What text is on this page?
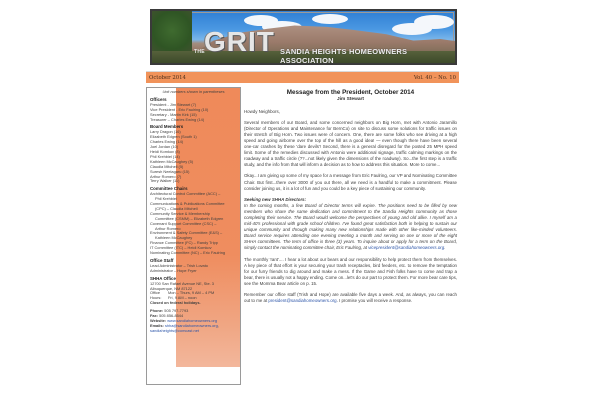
THE GRIT SANDIA HEIGHTS HOMEOWNERS ASSOCIATION
October 2014	Vol. 40 – No. 10
Unit numbers shown in parentheses
Officers
President - Jim Stewart (7)
Vice President - Eric Faulring (10)
Secretary - Martin Kirk (15)
Treasurer – Charles Ewing (14)
Board Members
Larry Dragon (16)
Elizabeth Edgren (South 1)
Charles Ewing (14)
Joel Jordan (10)
Heidi Komkov (8)
Phil Krehbiel (14)
Kathleen McCaughey (5)
Claudia Mitchell (5)
Suresh Neelagaru (15)
Arthur Romero (7)
Terry Walker (11)
Committee Chairs
Architectural Control Committee (ACC) –
Phil Krehbiel
Communications & Publications Committee
(CPC) – Claudia Mitchell
Community Service & Membership
Committee (CSMM) – Elizabeth Edgren
Covenant Support Committee (CSC) –
Arthur Romero
Environment & Safety Committee (E&S) –
Kathleen McCaughey
Finance Committee (FC) – Randy Tripp
IT Committee (ITC) – Heidi Komkov
Nominating Committee (NC) – Eric Faulring
Office Staff
Lead Administrator – Trish Lovato
Administrator – Hope Fryer
SHHA Office
12700 San Rafael Avenue NE, Ste. 3
Albuquerque, NM 87122
Office Hours:
Mon – Thurs, 9 AM – 4 PM
Fri, 9 AM – noon
Closed on federal holidays.
Phone: 505 797-7793
Fax: 505 856-8544
Website: www.sandiahomeowners.org
Emails: shha@sandiahomeowners.org,
sandiaheights@comcast.net
Message from the President, October 2014
Jim Stewart

Howdy Neighbors,

Several members of our Board, and some concerned neighbors on Big Horn, met with Antonio Jaramillo (Director of Operations and Maintenance for BernCo) on site to discuss some solutions for traffic issues on their stretch of Big Horn. Two issues were of concern. One, there are some folks who see driving at a high speed and going airborne over the top of the hill as a good idea! — even though there have been several one-car crashes by these 'dare devils'! Second, there is a general disregard for the posted 25 MPH speed limit. Some of the remedies discussed with Antonio were additional signage, traffic calming markings on the roadway and a traffic circle (??...not likely given the dimensions of the roadway). So...the first step is a traffic study, and the info from that will inform a decision as to how to address this situation. More to come...

Okay...I am giving up some of my space for a message from Eric Faulring, our VP and Nominating Committee Chair. But first...there over 3000 of you out there, all we need is a handful to make a commitment. Please consider joining us, it is a lot of fun and you could be a key piece of sustaining our community.

Seeking new SHHA Directors:

In the coming months, a few Board of Director terms will expire. The positions need to be filled by new members who share the same dedication and commitment to the Sandia Heights community as those completing their service. The Board would welcome the perspectives of young and old alike. I myself am a mid-40's professional with grade school children. I've found great satisfaction both in helping to sustain our unique community and through making many new relationships made with other like-minded volunteers. Board service requires attending one evening meeting a month and serving on one or more of the eight SHHA committees. The term of office is three (3) years. To inquire about or apply for a term on the Board, simply contact the nominating committee chair, Eric Faulring, at vicepresident@sandiahomeowners.org.

The monthly 'rant'.... I hear a lot about our bears and our responsibility to help protect them from themselves. A key piece of that effort is your securing your trash receptacles, bird feeders, etc. to remove the temptation for our furry friends to dig around and make a mess. If the Game and Fish folks have to come and trap a bear, there is usually not a happy ending. Come on...let's do our part to protect them. For more bear care tips, see the Momma Bear article on p. 15.

Remember our office staff (Trish and Hope) are available five days a week. And, as always, you can reach out to me at president@sandiahomeowners.org. I promise you will receive a response.
